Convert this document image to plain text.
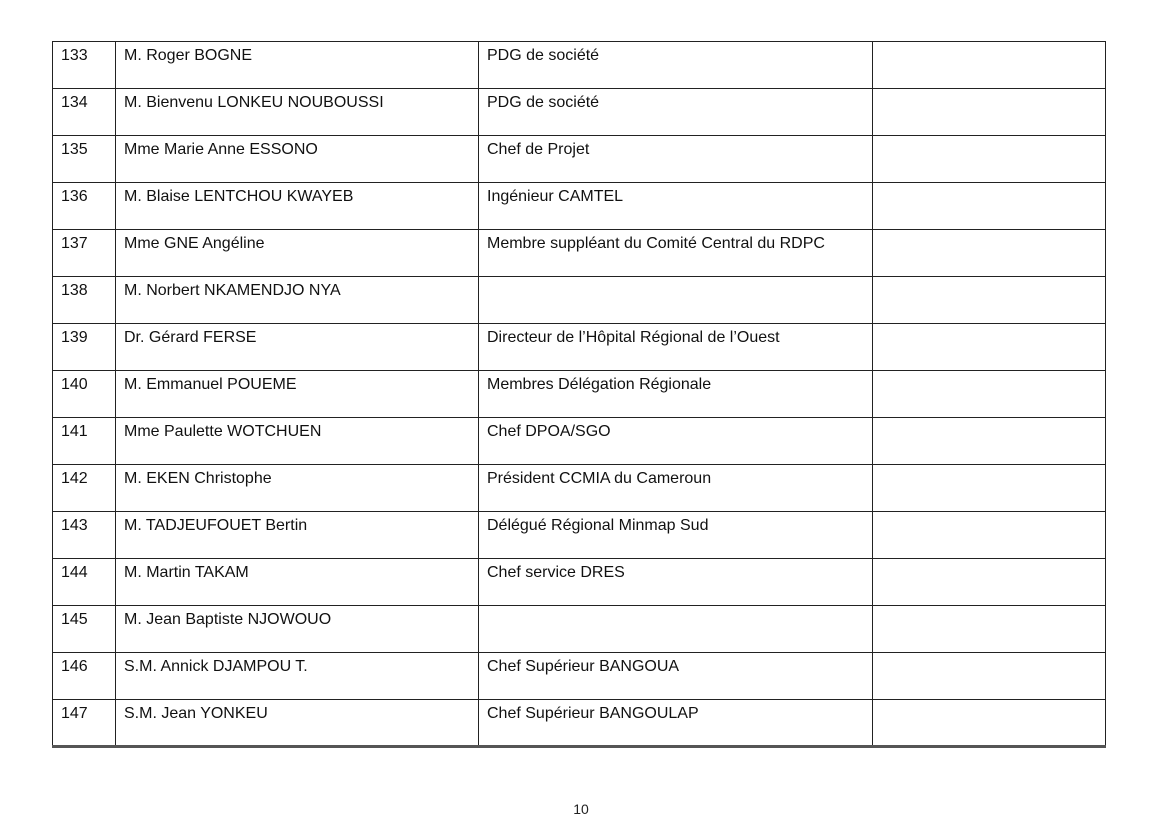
133	M. Roger BOGNE	PDG de société	
134	M. Bienvenu LONKEU NOUBOUSSI	PDG de société	
135	Mme Marie Anne ESSONO	Chef de Projet	
136	M. Blaise LENTCHOU KWAYEB	Ingénieur CAMTEL	
137	Mme GNE Angéline	Membre suppléant du Comité Central du RDPC	
138	M. Norbert NKAMENDJO NYA		
139	Dr. Gérard FERSE	Directeur de l’Hôpital Régional de l’Ouest	
140	M. Emmanuel POUEME	Membres Délégation Régionale	
141	Mme Paulette WOTCHUEN	Chef DPOA/SGO	
142	M. EKEN Christophe	Président CCMIA du Cameroun	
143	M. TADJEUFOUET Bertin	Délégué Régional Minmap Sud	
144	M. Martin TAKAM	Chef service DRES	
145	M. Jean Baptiste NJOWOUO		
146	S.M. Annick DJAMPOU T.	Chef Supérieur BANGOUA	
147	S.M. Jean YONKEU	Chef Supérieur BANGOULAP	
10
